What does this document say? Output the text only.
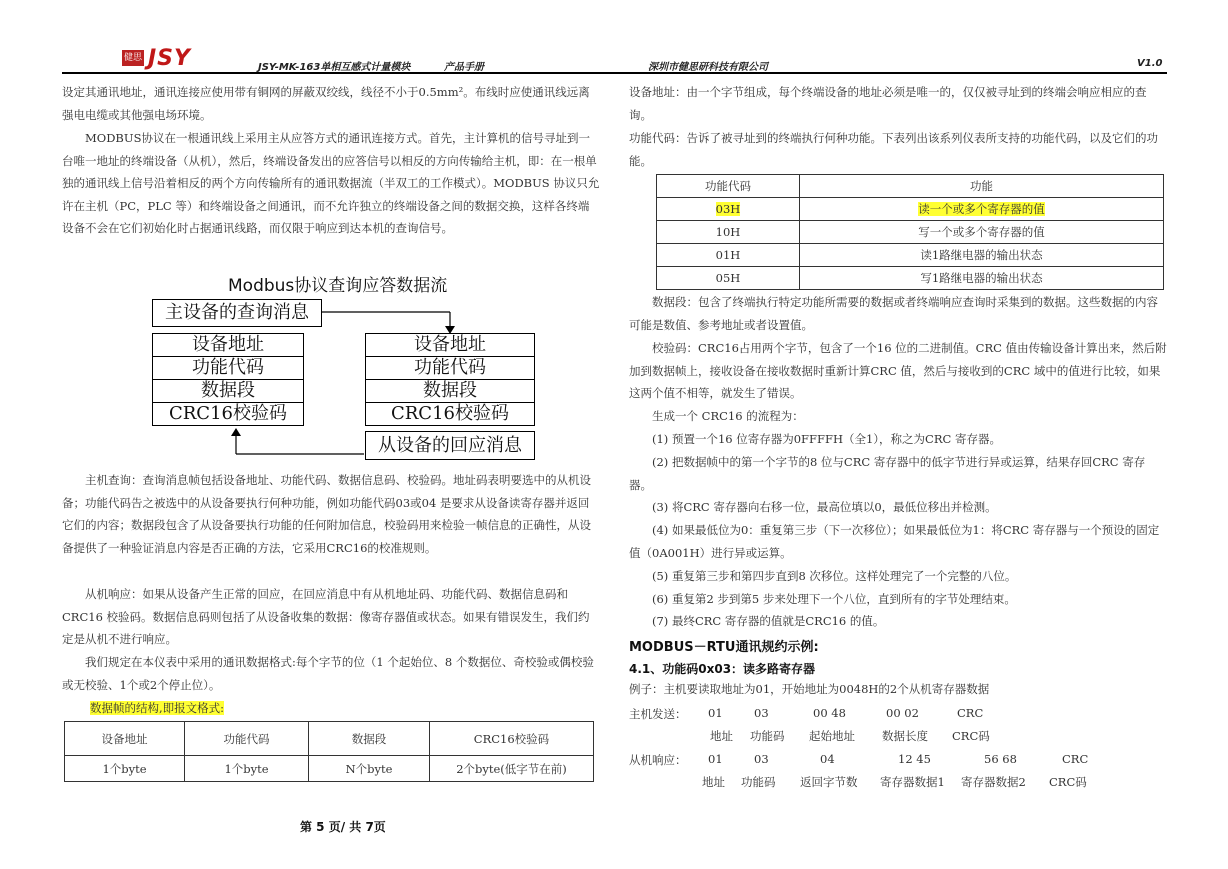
健思 JSY	JSY-MK-163单相互感式计量模块	产品手册	深圳市健思研科技有限公司	V1.0
设定其通讯地址，通讯连接应使用带有铜网的屏蔽双绞线，线径不小于0.5mm²。布线时应使通讯线远离强电电缆或其他强电场环境。
MODBUS协议在一根通讯线上采用主从应答方式的通讯连接方式。首先，主计算机的信号寻址到一台唯一地址的终端设备（从机），然后，终端设备发出的应答信号以相反的方向传输给主机，即：在一根单独的通讯线上信号沿着相反的两个方向传输所有的通讯数据流（半双工的工作模式）。MODBUS 协议只允许在主机（PC，PLC 等）和终端设备之间通讯，而不允许独立的终端设备之间的数据交换，这样各终端设备不会在它们初始化时占据通讯线路，而仅限于响应到达本机的查询信号。
Modbus协议查询应答数据流
主设备的查询消息
设备地址
功能代码
数据段
CRC16校验码
设备地址
功能代码
数据段
CRC16校验码
从设备的回应消息
主机查询：查询消息帧包括设备地址、功能代码、数据信息码、校验码。地址码表明要选中的从机设备；功能代码告之被选中的从设备要执行何种功能，例如功能代码03或04 是要求从设备读寄存器并返回它们的内容；数据段包含了从设备要执行功能的任何附加信息，校验码用来检验一帧信息的正确性，从设备提供了一种验证消息内容是否正确的方法，它采用CRC16的校准规则。
从机响应：如果从设备产生正常的回应，在回应消息中有从机地址码、功能代码、数据信息码和CRC16 校验码。数据信息码则包括了从设备收集的数据：像寄存器值或状态。如果有错误发生，我们约定是从机不进行响应。
我们规定在本仪表中采用的通讯数据格式:每个字节的位（1 个起始位、8 个数据位、奇校验或偶校验或无校验、1个或2个停止位）。
数据帧的结构,即报文格式:
设备地址	功能代码	数据段	CRC16校验码
1个byte	1个byte	N个byte	2个byte(低字节在前)
设备地址：由一个字节组成，每个终端设备的地址必须是唯一的，仅仅被寻址到的终端会响应相应的查询。
功能代码：告诉了被寻址到的终端执行何种功能。下表列出该系列仪表所支持的功能代码，以及它们的功能。
功能代码	功能
03H	读一个或多个寄存器的值
10H	写一个或多个寄存器的值
01H	读1路继电器的输出状态
05H	写1路继电器的输出状态
数据段：包含了终端执行特定功能所需要的数据或者终端响应查询时采集到的数据。这些数据的内容可能是数值、参考地址或者设置值。
校验码：CRC16占用两个字节，包含了一个16 位的二进制值。CRC 值由传输设备计算出来，然后附加到数据帧上，接收设备在接收数据时重新计算CRC 值，然后与接收到的CRC 域中的值进行比较，如果这两个值不相等，就发生了错误。
生成一个 CRC16 的流程为：
(1) 预置一个16 位寄存器为0FFFFH（全1），称之为CRC 寄存器。
(2) 把数据帧中的第一个字节的8 位与CRC 寄存器中的低字节进行异或运算，结果存回CRC 寄存器。
(3) 将CRC 寄存器向右移一位，最高位填以0，最低位移出并检测。
(4) 如果最低位为0：重复第三步（下一次移位）；如果最低位为1：将CRC 寄存器与一个预设的固定值（0A001H）进行异或运算。
(5) 重复第三步和第四步直到8 次移位。这样处理完了一个完整的八位。
(6) 重复第2 步到第5 步来处理下一个八位，直到所有的字节处理结束。
(7) 最终CRC 寄存器的值就是CRC16 的值。
MODBUS－RTU通讯规约示例:
4.1、功能码0x03：读多路寄存器
例子：主机要读取地址为01，开始地址为0048H的2个从机寄存器数据
主机发送： 01	03	00 48	00 02	CRC
地址 功能码 起始地址 数据长度 CRC码
从机响应： 01	03	04	12 45	56 68	CRC
地址 功能码 返回字节数 寄存器数据1 寄存器数据2 CRC码
第 5 页/ 共 7页
